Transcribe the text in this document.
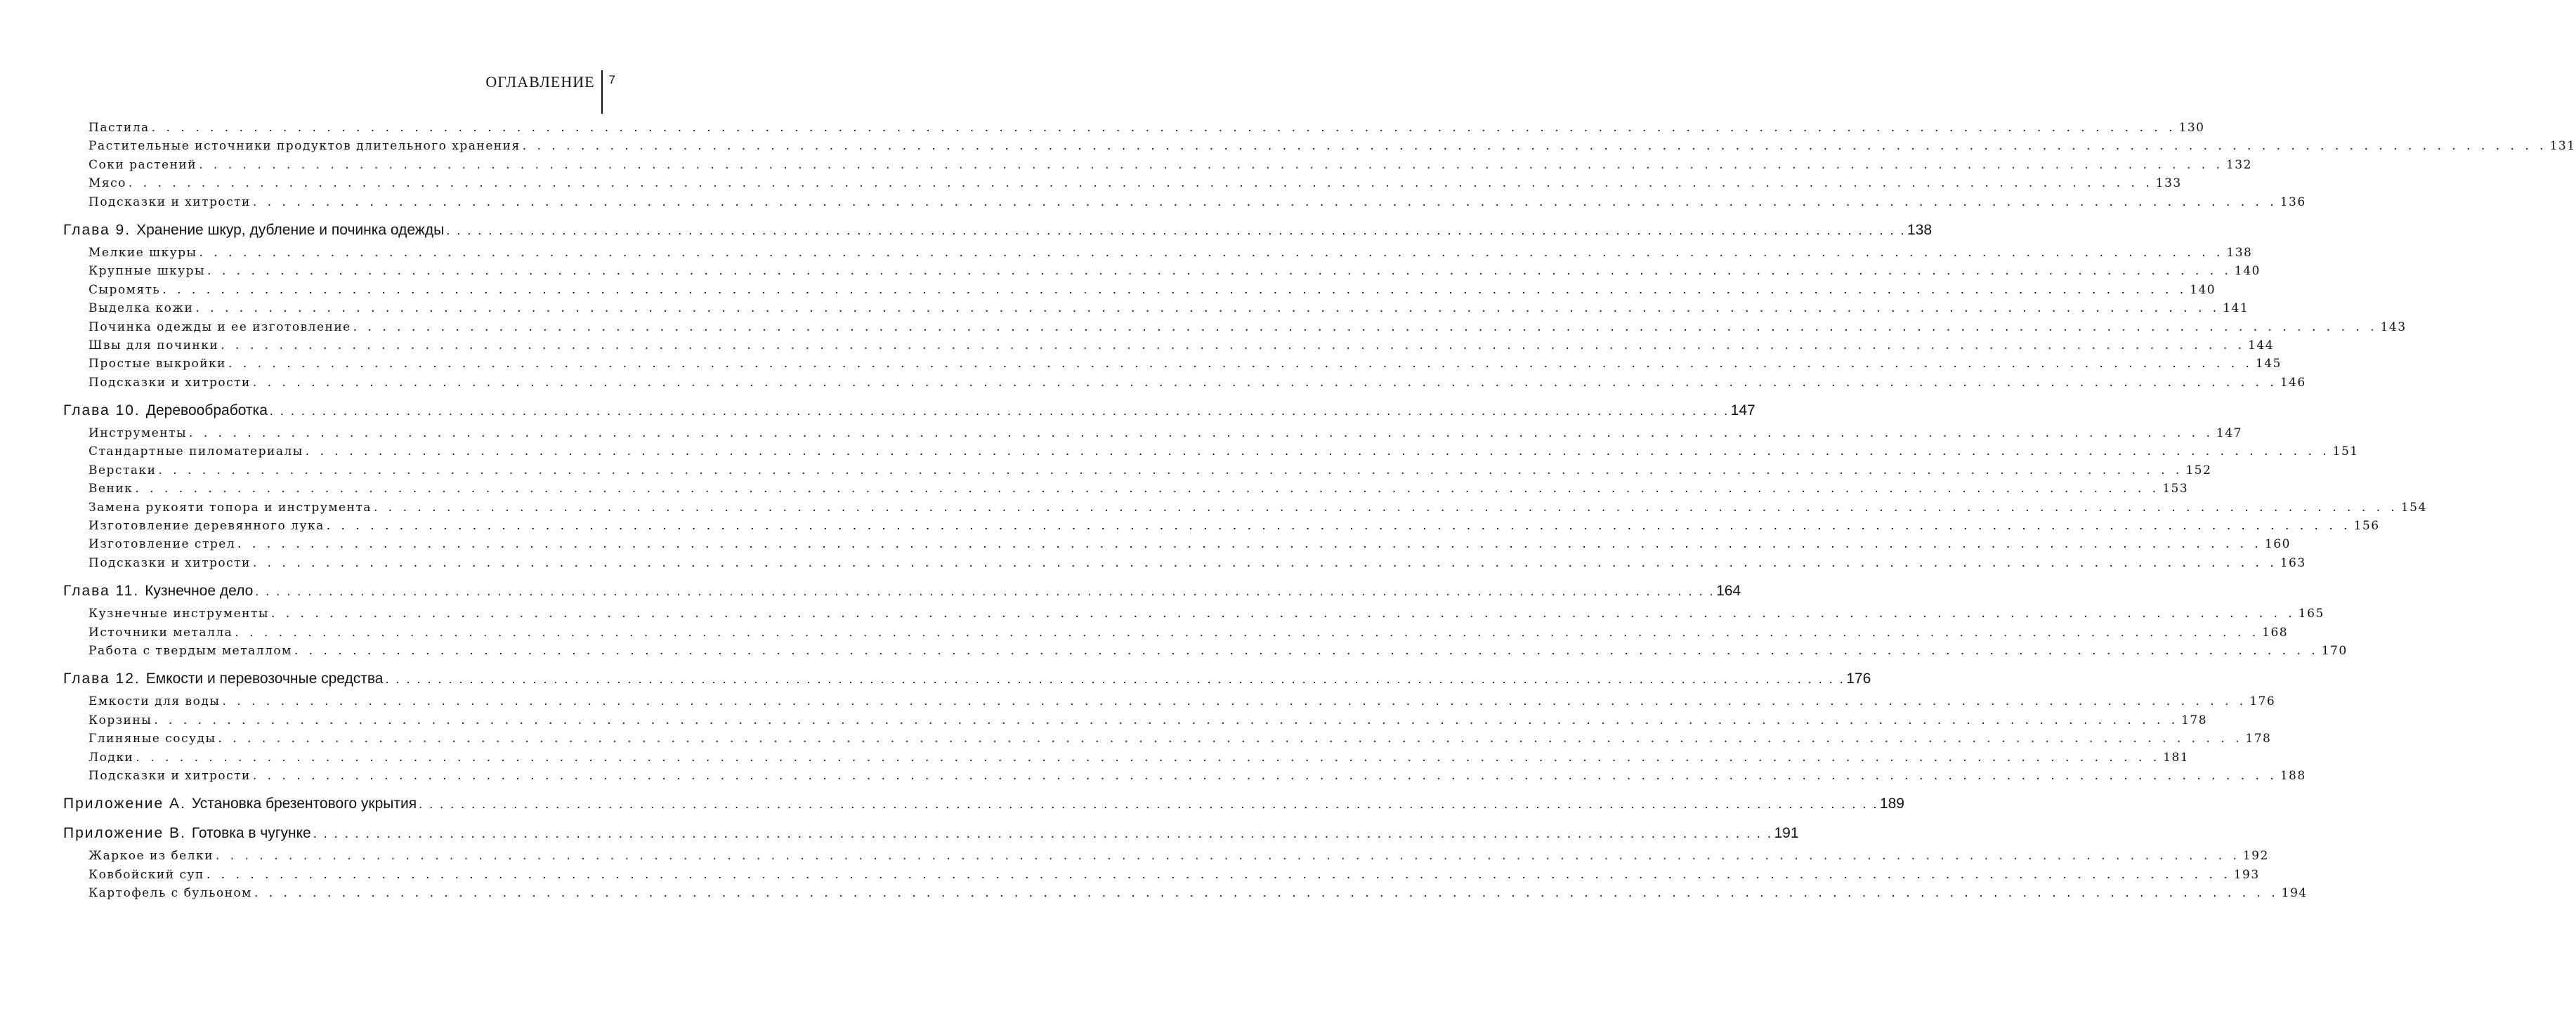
ОГЛАВЛЕНИЕ 7
Пастила . . . . . . . . . . . . . . . . . . . . . . . . . . . . . . . . . . . . . . . . . . . . . . . . . . . . . . . . . . . . . . . . . . . . . . . . . . . . . . . . . . . . . . . . . . . . . . . . . . . . . . . . . . . . . . . . . . . . . . . . . . . . . . . . . . . . . . . . . . . 130
Растительные источники продуктов длительного хранения . . . . . . . . . . . . . . . . . . . . . . . . . . . . . . . . . . . . . . . . . . . . . . . . . . . . . . . . . . . . . . . . . . . . . . . . . . . . . . . . . . . . . . . . . . . . . . . . . . . . . . . . . . . . . . . . . . . . . . . . . . . . . . . . . . . . . . . . . . . 131
Соки растений . . . . . . . . . . . . . . . . . . . . . . . . . . . . . . . . . . . . . . . . . . . . . . . . . . . . . . . . . . . . . . . . . . . . . . . . . . . . . . . . . . . . . . . . . . . . . . . . . . . . . . . . . . . . . . . . . . . . . . . . . . . . . . . . . . . . . . . . . . . 132
Мясо . . . . . . . . . . . . . . . . . . . . . . . . . . . . . . . . . . . . . . . . . . . . . . . . . . . . . . . . . . . . . . . . . . . . . . . . . . . . . . . . . . . . . . . . . . . . . . . . . . . . . . . . . . . . . . . . . . . . . . . . . . . . . . . . . . . . . . . . . . . 133
Подсказки и хитрости . . . . . . . . . . . . . . . . . . . . . . . . . . . . . . . . . . . . . . . . . . . . . . . . . . . . . . . . . . . . . . . . . . . . . . . . . . . . . . . . . . . . . . . . . . . . . . . . . . . . . . . . . . . . . . . . . . . . . . . . . . . . . . . . . . . . . . . . . . . 136
Глава 9. Хранение шкур, дубление и починка одежды . . . . . . . . . . . . . . . . . . . . . . . . . . . . . . . . . . . . . . . . . . . . . . . . . . . . . . . . . . . . . . . . . . . . . . . . . . . . . . . . . . . . . . . . . . . . . . . . . . . . . . . . . . . . . . . . . . . . . . . . . . . . . . . . . . . . . . . . . . . 138
Мелкие шкуры . . . . . . . . . . . . . . . . . . . . . . . . . . . . . . . . . . . . . . . . . . . . . . . . . . . . . . . . . . . . . . . . . . . . . . . . . . . . . . . . . . . . . . . . . . . . . . . . . . . . . . . . . . . . . . . . . . . . . . . . . . . . . . . . . . . . . . . . . . . 138
Крупные шкуры . . . . . . . . . . . . . . . . . . . . . . . . . . . . . . . . . . . . . . . . . . . . . . . . . . . . . . . . . . . . . . . . . . . . . . . . . . . . . . . . . . . . . . . . . . . . . . . . . . . . . . . . . . . . . . . . . . . . . . . . . . . . . . . . . . . . . . . . . . . 140
Сыромять . . . . . . . . . . . . . . . . . . . . . . . . . . . . . . . . . . . . . . . . . . . . . . . . . . . . . . . . . . . . . . . . . . . . . . . . . . . . . . . . . . . . . . . . . . . . . . . . . . . . . . . . . . . . . . . . . . . . . . . . . . . . . . . . . . . . . . . . . . . 140
Выделка кожи . . . . . . . . . . . . . . . . . . . . . . . . . . . . . . . . . . . . . . . . . . . . . . . . . . . . . . . . . . . . . . . . . . . . . . . . . . . . . . . . . . . . . . . . . . . . . . . . . . . . . . . . . . . . . . . . . . . . . . . . . . . . . . . . . . . . . . . . . . . 141
Починка одежды и ее изготовление . . . . . . . . . . . . . . . . . . . . . . . . . . . . . . . . . . . . . . . . . . . . . . . . . . . . . . . . . . . . . . . . . . . . . . . . . . . . . . . . . . . . . . . . . . . . . . . . . . . . . . . . . . . . . . . . . . . . . . . . . . . . . . . . . . . . . . . . . . . 143
Швы для починки . . . . . . . . . . . . . . . . . . . . . . . . . . . . . . . . . . . . . . . . . . . . . . . . . . . . . . . . . . . . . . . . . . . . . . . . . . . . . . . . . . . . . . . . . . . . . . . . . . . . . . . . . . . . . . . . . . . . . . . . . . . . . . . . . . . . . . . . . . . 144
Простые выкройки . . . . . . . . . . . . . . . . . . . . . . . . . . . . . . . . . . . . . . . . . . . . . . . . . . . . . . . . . . . . . . . . . . . . . . . . . . . . . . . . . . . . . . . . . . . . . . . . . . . . . . . . . . . . . . . . . . . . . . . . . . . . . . . . . . . . . . . . . . . 145
Подсказки и хитрости . . . . . . . . . . . . . . . . . . . . . . . . . . . . . . . . . . . . . . . . . . . . . . . . . . . . . . . . . . . . . . . . . . . . . . . . . . . . . . . . . . . . . . . . . . . . . . . . . . . . . . . . . . . . . . . . . . . . . . . . . . . . . . . . . . . . . . . . . . . 146
Глава 10. Деревообработка . . . . . . . . . . . . . . . . . . . . . . . . . . . . . . . . . . . . . . . . . . . . . . . . . . . . . . . . . . . . . . . . . . . . . . . . . . . . . . . . . . . . . . . . . . . . . . . . . . . . . . . . . . . . . . . . . . . . . . . . . . . . . . . . . . . . . . . . . . . 147
Инструменты . . . . . . . . . . . . . . . . . . . . . . . . . . . . . . . . . . . . . . . . . . . . . . . . . . . . . . . . . . . . . . . . . . . . . . . . . . . . . . . . . . . . . . . . . . . . . . . . . . . . . . . . . . . . . . . . . . . . . . . . . . . . . . . . . . . . . . . . . . . 147
Стандартные пиломатериалы . . . . . . . . . . . . . . . . . . . . . . . . . . . . . . . . . . . . . . . . . . . . . . . . . . . . . . . . . . . . . . . . . . . . . . . . . . . . . . . . . . . . . . . . . . . . . . . . . . . . . . . . . . . . . . . . . . . . . . . . . . . . . . . . . . . . . . . . . . . 151
Верстаки . . . . . . . . . . . . . . . . . . . . . . . . . . . . . . . . . . . . . . . . . . . . . . . . . . . . . . . . . . . . . . . . . . . . . . . . . . . . . . . . . . . . . . . . . . . . . . . . . . . . . . . . . . . . . . . . . . . . . . . . . . . . . . . . . . . . . . . . . . . 152
Веник . . . . . . . . . . . . . . . . . . . . . . . . . . . . . . . . . . . . . . . . . . . . . . . . . . . . . . . . . . . . . . . . . . . . . . . . . . . . . . . . . . . . . . . . . . . . . . . . . . . . . . . . . . . . . . . . . . . . . . . . . . . . . . . . . . . . . . . . . . . 153
Замена рукояти топора и инструмента . . . . . . . . . . . . . . . . . . . . . . . . . . . . . . . . . . . . . . . . . . . . . . . . . . . . . . . . . . . . . . . . . . . . . . . . . . . . . . . . . . . . . . . . . . . . . . . . . . . . . . . . . . . . . . . . . . . . . . . . . . . . . . . . . . . . . . . . . . . 154
Изготовление деревянного лука . . . . . . . . . . . . . . . . . . . . . . . . . . . . . . . . . . . . . . . . . . . . . . . . . . . . . . . . . . . . . . . . . . . . . . . . . . . . . . . . . . . . . . . . . . . . . . . . . . . . . . . . . . . . . . . . . . . . . . . . . . . . . . . . . . . . . . . . . . . 156
Изготовление стрел . . . . . . . . . . . . . . . . . . . . . . . . . . . . . . . . . . . . . . . . . . . . . . . . . . . . . . . . . . . . . . . . . . . . . . . . . . . . . . . . . . . . . . . . . . . . . . . . . . . . . . . . . . . . . . . . . . . . . . . . . . . . . . . . . . . . . . . . . . . 160
Подсказки и хитрости . . . . . . . . . . . . . . . . . . . . . . . . . . . . . . . . . . . . . . . . . . . . . . . . . . . . . . . . . . . . . . . . . . . . . . . . . . . . . . . . . . . . . . . . . . . . . . . . . . . . . . . . . . . . . . . . . . . . . . . . . . . . . . . . . . . . . . . . . . . 163
Глава 11. Кузнечное дело . . . . . . . . . . . . . . . . . . . . . . . . . . . . . . . . . . . . . . . . . . . . . . . . . . . . . . . . . . . . . . . . . . . . . . . . . . . . . . . . . . . . . . . . . . . . . . . . . . . . . . . . . . . . . . . . . . . . . . . . . . . . . . . . . . . . . . . . . . . 164
Кузнечные инструменты . . . . . . . . . . . . . . . . . . . . . . . . . . . . . . . . . . . . . . . . . . . . . . . . . . . . . . . . . . . . . . . . . . . . . . . . . . . . . . . . . . . . . . . . . . . . . . . . . . . . . . . . . . . . . . . . . . . . . . . . . . . . . . . . . . . . . . . . . . . 165
Источники металла . . . . . . . . . . . . . . . . . . . . . . . . . . . . . . . . . . . . . . . . . . . . . . . . . . . . . . . . . . . . . . . . . . . . . . . . . . . . . . . . . . . . . . . . . . . . . . . . . . . . . . . . . . . . . . . . . . . . . . . . . . . . . . . . . . . . . . . . . . . 168
Работа с твердым металлом . . . . . . . . . . . . . . . . . . . . . . . . . . . . . . . . . . . . . . . . . . . . . . . . . . . . . . . . . . . . . . . . . . . . . . . . . . . . . . . . . . . . . . . . . . . . . . . . . . . . . . . . . . . . . . . . . . . . . . . . . . . . . . . . . . . . . . . . . . . 170
Глава 12. Емкости и перевозочные средства . . . . . . . . . . . . . . . . . . . . . . . . . . . . . . . . . . . . . . . . . . . . . . . . . . . . . . . . . . . . . . . . . . . . . . . . . . . . . . . . . . . . . . . . . . . . . . . . . . . . . . . . . . . . . . . . . . . . . . . . . . . . . . . . . . . . . . . . . . . 176
Емкости для воды . . . . . . . . . . . . . . . . . . . . . . . . . . . . . . . . . . . . . . . . . . . . . . . . . . . . . . . . . . . . . . . . . . . . . . . . . . . . . . . . . . . . . . . . . . . . . . . . . . . . . . . . . . . . . . . . . . . . . . . . . . . . . . . . . . . . . . . . . . . 176
Корзины . . . . . . . . . . . . . . . . . . . . . . . . . . . . . . . . . . . . . . . . . . . . . . . . . . . . . . . . . . . . . . . . . . . . . . . . . . . . . . . . . . . . . . . . . . . . . . . . . . . . . . . . . . . . . . . . . . . . . . . . . . . . . . . . . . . . . . . . . . . 178
Глиняные сосуды . . . . . . . . . . . . . . . . . . . . . . . . . . . . . . . . . . . . . . . . . . . . . . . . . . . . . . . . . . . . . . . . . . . . . . . . . . . . . . . . . . . . . . . . . . . . . . . . . . . . . . . . . . . . . . . . . . . . . . . . . . . . . . . . . . . . . . . . . . . 178
Лодки . . . . . . . . . . . . . . . . . . . . . . . . . . . . . . . . . . . . . . . . . . . . . . . . . . . . . . . . . . . . . . . . . . . . . . . . . . . . . . . . . . . . . . . . . . . . . . . . . . . . . . . . . . . . . . . . . . . . . . . . . . . . . . . . . . . . . . . . . . . 181
Подсказки и хитрости . . . . . . . . . . . . . . . . . . . . . . . . . . . . . . . . . . . . . . . . . . . . . . . . . . . . . . . . . . . . . . . . . . . . . . . . . . . . . . . . . . . . . . . . . . . . . . . . . . . . . . . . . . . . . . . . . . . . . . . . . . . . . . . . . . . . . . . . . . . 188
Приложение A. Установка брезентового укрытия . . . . . . . . . . . . . . . . . . . . . . . . . . . . . . . . . . . . . . . . . . . . . . . . . . . . . . . . . . . . . . . . . . . . . . . . . . . . . . . . . . . . . . . . . . . . . . . . . . . . . . . . . . . . . . . . . . . . . . . . . . . . . . . . . . . . . . . . . . . 189
Приложение B. Готовка в чугунке . . . . . . . . . . . . . . . . . . . . . . . . . . . . . . . . . . . . . . . . . . . . . . . . . . . . . . . . . . . . . . . . . . . . . . . . . . . . . . . . . . . . . . . . . . . . . . . . . . . . . . . . . . . . . . . . . . . . . . . . . . . . . . . . . . . . . . . . . . . 191
Жаркое из белки . . . . . . . . . . . . . . . . . . . . . . . . . . . . . . . . . . . . . . . . . . . . . . . . . . . . . . . . . . . . . . . . . . . . . . . . . . . . . . . . . . . . . . . . . . . . . . . . . . . . . . . . . . . . . . . . . . . . . . . . . . . . . . . . . . . . . . . . . . . 192
Ковбойский суп . . . . . . . . . . . . . . . . . . . . . . . . . . . . . . . . . . . . . . . . . . . . . . . . . . . . . . . . . . . . . . . . . . . . . . . . . . . . . . . . . . . . . . . . . . . . . . . . . . . . . . . . . . . . . . . . . . . . . . . . . . . . . . . . . . . . . . . . . . . 193
Картофель с бульоном . . . . . . . . . . . . . . . . . . . . . . . . . . . . . . . . . . . . . . . . . . . . . . . . . . . . . . . . . . . . . . . . . . . . . . . . . . . . . . . . . . . . . . . . . . . . . . . . . . . . . . . . . . . . . . . . . . . . . . . . . . . . . . . . . . . . . . . . . . . 194
